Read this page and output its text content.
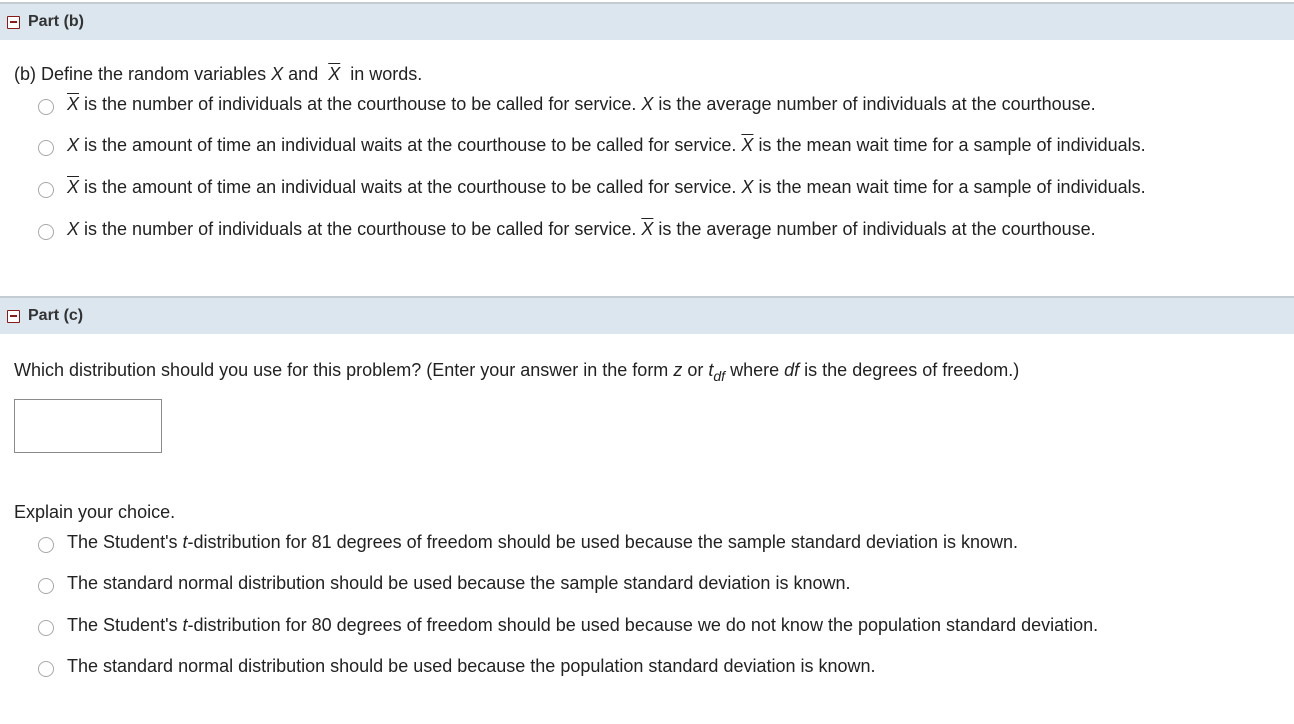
Part (b)
(b) Define the random variables X and $\overline{X}$ in words.
$\overline{X}$ is the number of individuals at the courthouse to be called for service. X is the average number of individuals at the courthouse.
X is the amount of time an individual waits at the courthouse to be called for service. $\overline{X}$ is the mean wait time for a sample of individuals.
$\overline{X}$ is the amount of time an individual waits at the courthouse to be called for service. X is the mean wait time for a sample of individuals.
X is the number of individuals at the courthouse to be called for service. $\overline{X}$ is the average number of individuals at the courthouse.
Part (c)
Which distribution should you use for this problem? (Enter your answer in the form z or $t_{df}$ where df is the degrees of freedom.)
Explain your choice.
The Student's t-distribution for 81 degrees of freedom should be used because the sample standard deviation is known.
The standard normal distribution should be used because the sample standard deviation is known.
The Student's t-distribution for 80 degrees of freedom should be used because we do not know the population standard deviation.
The standard normal distribution should be used because the population standard deviation is known.
